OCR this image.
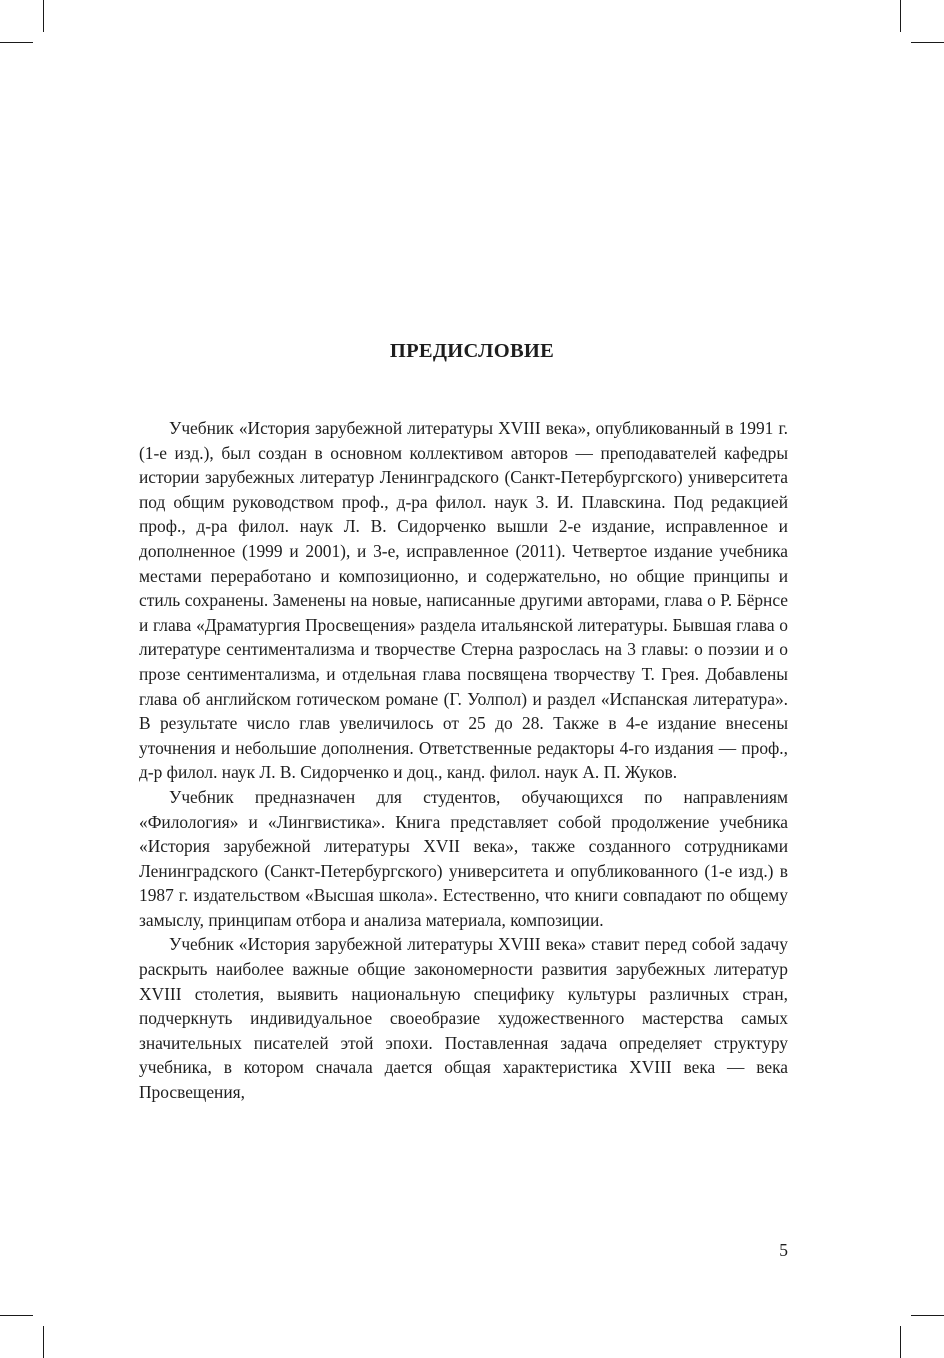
ПРЕДИСЛОВИЕ

Учебник «История зарубежной литературы XVIII века», опубликованный в 1991 г. (1-е изд.), был создан в основном коллективом авторов — преподавателей кафедры истории зарубежных литератур Ленинградского (Санкт-Петербургского) университета под общим руководством проф., д-ра филол. наук З. И. Плавскина. Под редакцией проф., д-ра филол. наук Л. В. Сидорченко вышли 2-е издание, исправленное и дополненное (1999 и 2001), и 3-е, исправленное (2011). Четвертое издание учебника местами переработано и композиционно, и содержательно, но общие принципы и стиль сохранены. Заменены на новые, написанные другими авторами, глава о Р. Бёрнсе и глава «Драматургия Просвещения» раздела итальянской литературы. Бывшая глава о литературе сентиментализма и творчестве Стерна разрослась на 3 главы: о поэзии и о прозе сентиментализма, и отдельная глава посвящена творчеству Т. Грея. Добавлены глава об английском готическом романе (Г. Уолпол) и раздел «Испанская литература». В результате число глав увеличилось от 25 до 28. Также в 4-е издание внесены уточнения и небольшие дополнения. Ответственные редакторы 4-го издания — проф., д-р филол. наук Л. В. Сидорченко и доц., канд. филол. наук А. П. Жуков.

Учебник предназначен для студентов, обучающихся по направлениям «Филология» и «Лингвистика». Книга представляет собой продолжение учебника «История зарубежной литературы XVII века», также созданного сотрудниками Ленинградского (Санкт-Петербургского) университета и опубликованного (1-е изд.) в 1987 г. издательством «Высшая школа». Естественно, что книги совпадают по общему замыслу, принципам отбора и анализа материала, композиции.

Учебник «История зарубежной литературы XVIII века» ставит перед собой задачу раскрыть наиболее важные общие закономерности развития зарубежных литератур XVIII столетия, выявить национальную специфику культуры различных стран, подчеркнуть индивидуальное своеобразие художественного мастерства самых значительных писателей этой эпохи. Поставленная задача определяет структуру учебника, в котором сначала дается общая характеристика XVIII века — века Просвещения,

5
